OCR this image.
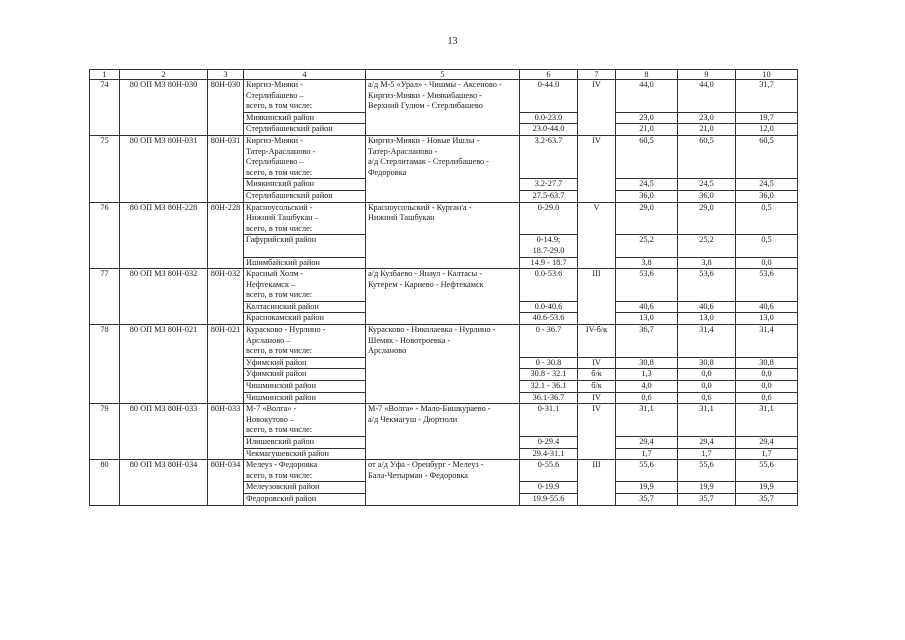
13
1	2	3	4	5	6	7	8	9	10

74	80 ОП МЗ 80Н-030	80Н-030	Киргиз-Мияки -
Стерлибашево –
всего, в том числе:	а/д М-5 «Урал» - Чишмы - Аксеново -
Киргиз-Мияки - Миякибашево -
Верхний Гулюм - Стерлибашево	0-44.0	IV	44,0	44,0	31,7

			Миякинский район		0.0-23.0		23,0	23,0	19,7

			Стерлибашевский район		23.0-44.0		21,0	21,0	12,0

75	80 ОП МЗ 80Н-031	80Н-031	Киргиз-Мияки -
Татер-Арасланово -
Стерлибашево –
всего, в том числе:	Киргиз-Мияки - Новые Ишлы -
Татер-Арасланово -
а/д Стерлитамак - Стерлибашево -
Федоровка	3.2-63.7	IV	60,5	60,5	60,5

			Миякинский район		3.2-27.7		24,5	24,5	24,5

			Стерлибашевский район		27.5-63.7		36,0	36,0	36,0

76	80 ОП МЗ 80Н-228	80Н-228	Красноусольский -
Нижний Ташбукан –
всего, в том числе:	Красноусольский - Курган'а -
Нижний Ташбукан	0-29.0	V	29,0	29,0	0,5

			Гафурийский район		0-14.9;
18.7-29.0		25,2	25,2	0,5

			Ишимбайский район		14.9 - 18.7		3,8	3,8	0,0

77	80 ОП МЗ 80Н-032	80Н-032	Красный Холм -
Нефтекамск –
всего, в том числе:	а/д Кузбаево - Янаул - Калтасы -
Кутерем - Кариево - Нефтекамск	0.0-53.6	III	53,6	53,6	53,6

			Калтасинский район		0.0-40.6		40,6	40,6	40,6

			Краснокамский район		40.6-53.6		13,0	13,0	13,0

78	80 ОП МЗ 80Н-021	80Н-021	Курасково - Нурлино -
Арсланово –
всего, в том числе:	Курасково - Николаевка - Нурлино -
Шемяк - Новотроевка -
Арсланово	0 - 36.7	IV-б/к	36,7	31,4	31,4

			Уфимский район		0 - 30.8	IV	30,8	30,8	30,8

			Уфимский район		30.8 - 32.1	б/к	1,3	0,0	0,0

			Чишминский район		32.1 - 36.1	б/к	4,0	0,0	0,0

			Чишминский район		36.1-36.7	IV	0,6	0,6	0,6

79	80 ОП МЗ 80Н-033	80Н-033	М-7 «Волга» -
Новокутово –
всего, в том числе:	М-7 «Волга» - Мало-Бишкураево -
а/д Чекмагуш - Дюртюли	0-31.1	IV	31,1	31,1	31,1

			Илишевский район		0-29.4		29,4	29,4	29,4

			Чекмагушевский район		29.4-31.1		1,7	1,7	1,7

80	80 ОП МЗ 80Н-034	80Н-034	Мелеуз - Федоровка
всего, в том числе:	от а/д Уфа - Оренбург - Мелеуз -
Бала-Четырман - Федоровка	0-55.6	III	55,6	55,6	55,6

			Мелеузовский район		0-19.9		19,9	19,9	19,9

			Федоровский район		19.9-55.6		35,7	35,7	35,7
